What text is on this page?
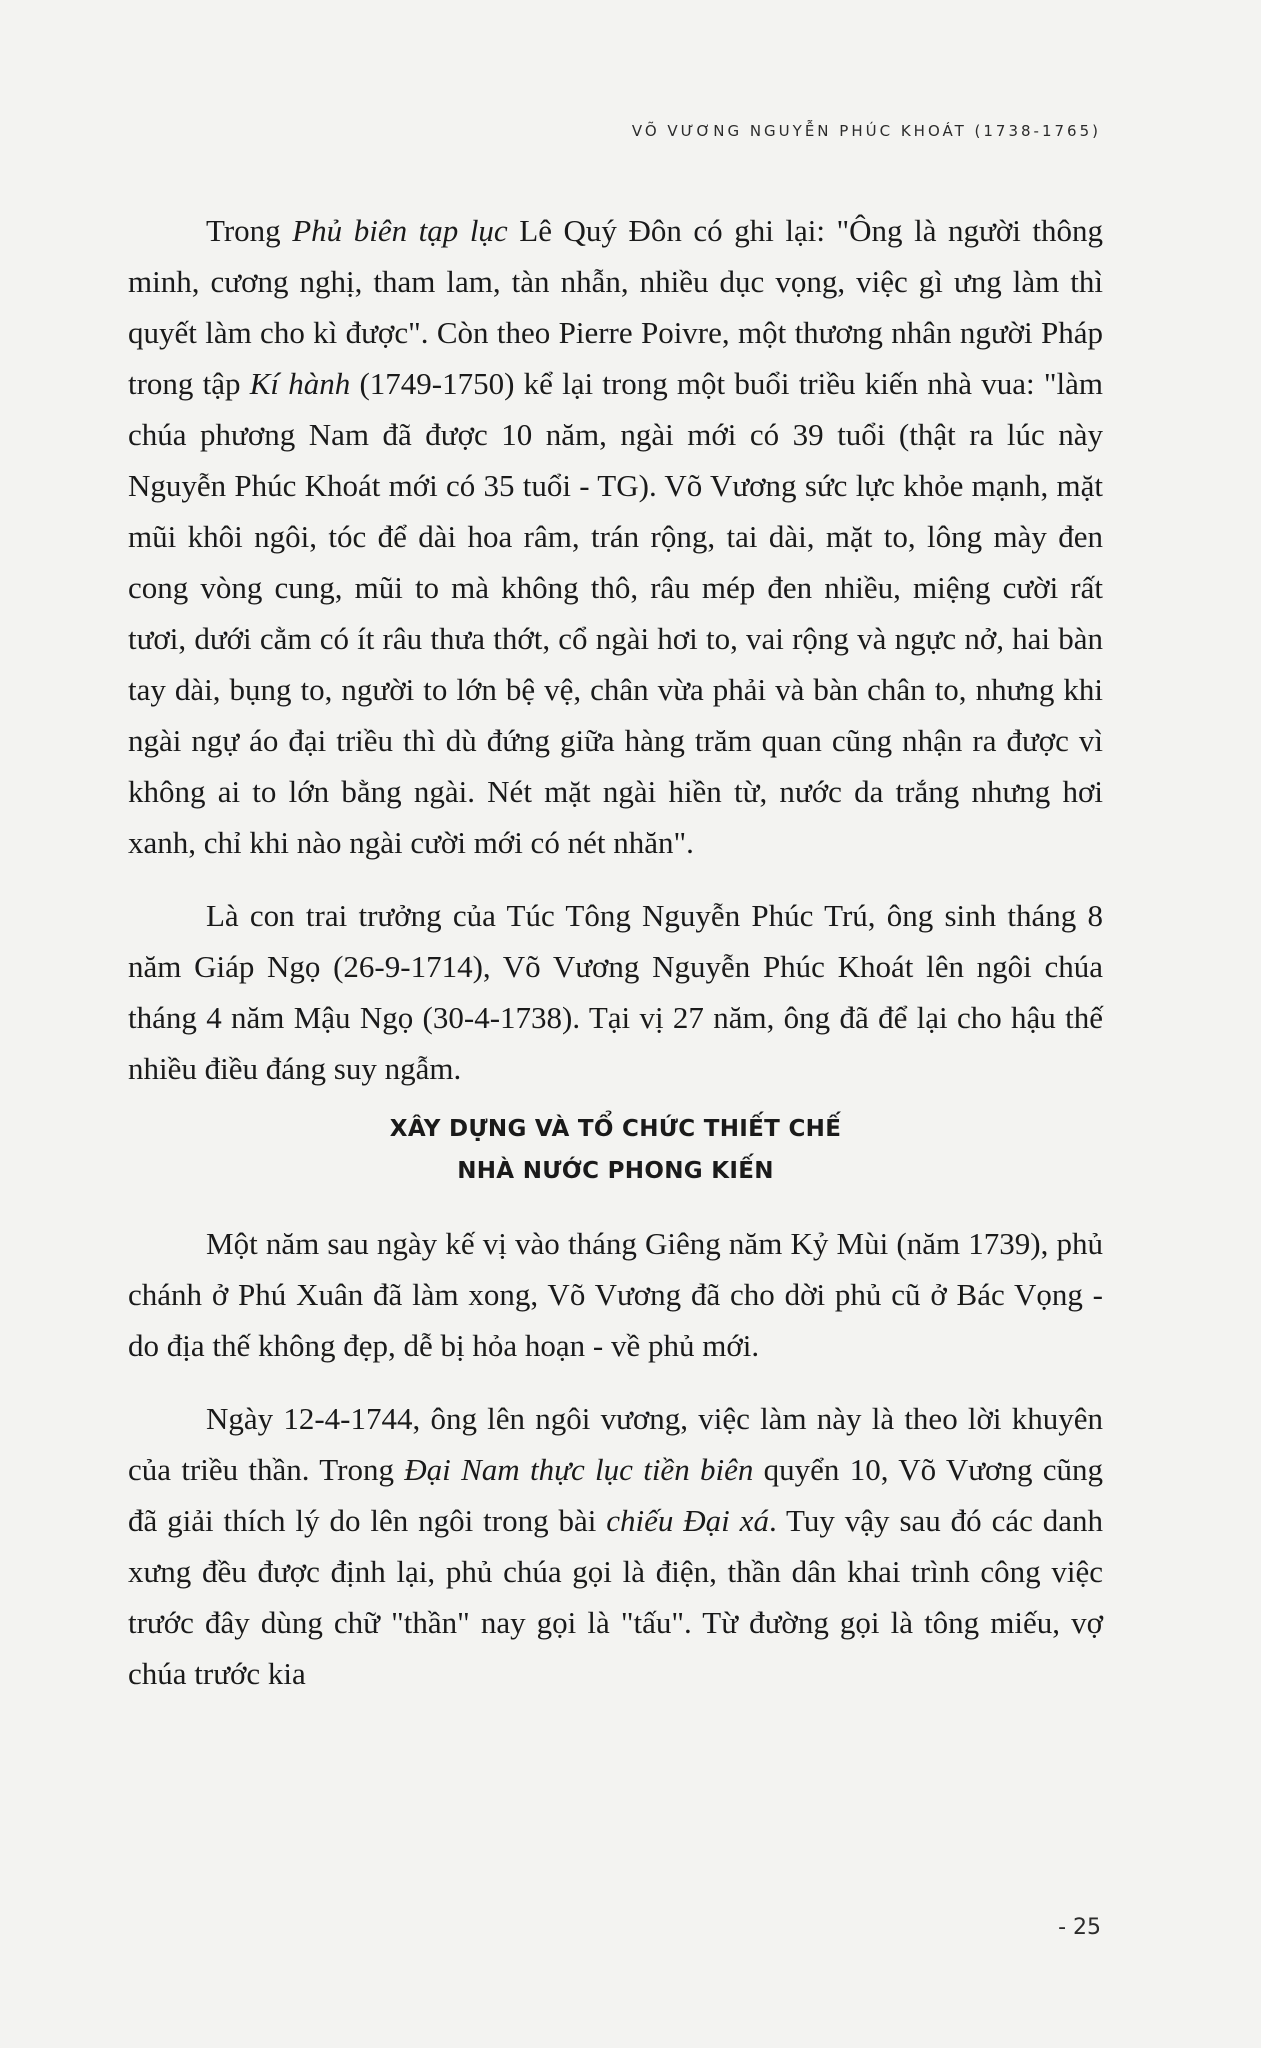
VÕ VƯƠNG NGUYỄN PHÚC KHOÁT (1738-1765)

Trong Phủ biên tạp lục Lê Quý Đôn có ghi lại: "Ông là người thông minh, cương nghị, tham lam, tàn nhẫn, nhiều dục vọng, việc gì ưng làm thì quyết làm cho kì được". Còn theo Pierre Poivre, một thương nhân người Pháp trong tập Kí hành (1749-1750) kể lại trong một buổi triều kiến nhà vua: "làm chúa phương Nam đã được 10 năm, ngài mới có 39 tuổi (thật ra lúc này Nguyễn Phúc Khoát mới có 35 tuổi - TG). Võ Vương sức lực khỏe mạnh, mặt mũi khôi ngôi, tóc để dài hoa râm, trán rộng, tai dài, mặt to, lông mày đen cong vòng cung, mũi to mà không thô, râu mép đen nhiều, miệng cười rất tươi, dưới cằm có ít râu thưa thớt, cổ ngài hơi to, vai rộng và ngực nở, hai bàn tay dài, bụng to, người to lớn bệ vệ, chân vừa phải và bàn chân to, nhưng khi ngài ngự áo đại triều thì dù đứng giữa hàng trăm quan cũng nhận ra được vì không ai to lớn bằng ngài. Nét mặt ngài hiền từ, nước da trắng nhưng hơi xanh, chỉ khi nào ngài cười mới có nét nhăn".

Là con trai trưởng của Túc Tông Nguyễn Phúc Trú, ông sinh tháng 8 năm Giáp Ngọ (26-9-1714), Võ Vương Nguyễn Phúc Khoát lên ngôi chúa tháng 4 năm Mậu Ngọ (30-4-1738). Tại vị 27 năm, ông đã để lại cho hậu thế nhiều điều đáng suy ngẫm.

XÂY DỰNG VÀ TỔ CHỨC THIẾT CHẾ
NHÀ NƯỚC PHONG KIẾN

Một năm sau ngày kế vị vào tháng Giêng năm Kỷ Mùi (năm 1739), phủ chánh ở Phú Xuân đã làm xong, Võ Vương đã cho dời phủ cũ ở Bác Vọng - do địa thế không đẹp, dễ bị hỏa hoạn - về phủ mới.

Ngày 12-4-1744, ông lên ngôi vương, việc làm này là theo lời khuyên của triều thần. Trong Đại Nam thực lục tiền biên quyển 10, Võ Vương cũng đã giải thích lý do lên ngôi trong bài chiếu Đại xá. Tuy vậy sau đó các danh xưng đều được định lại, phủ chúa gọi là điện, thần dân khai trình công việc trước đây dùng chữ "thần" nay gọi là "tấu". Từ đường gọi là tông miếu, vợ chúa trước kia

- 25
